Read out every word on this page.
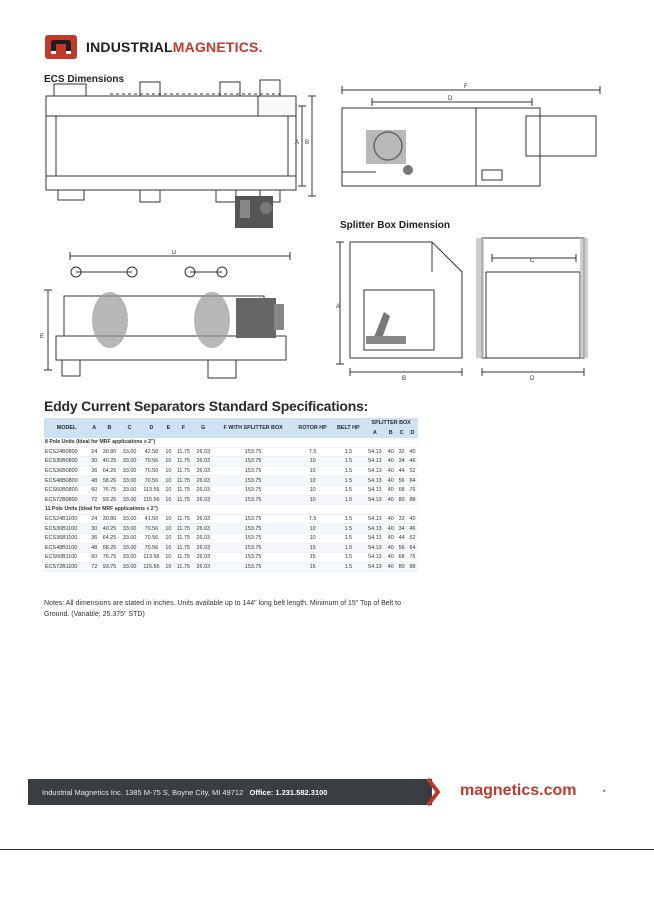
INDUSTRIALMAGNETICS.
ECS Dimensions
A B
F
D
D
E
Splitter Box Dimension
A
B
C
D
Eddy Current Separators Standard Specifications:
MODEL	A	B	C	D	E	F	G	F WITH SPLITTER BOX	ROTOR HP	BELT HP	SPLITTER BOX			
											A	B	C	D
8 Pole Units (Ideal for MRF applications ≥ 2")														
ECS24B0800	24	30.80	33.00	42.50	10	11.75	26.03	153.75	7.5	1.5	54.13	40	32	40
ECS30B0800	30	40.25	33.00	70.56	10	11.75	26.03	153.75	10	1.5	54.13	40	34	46
ECS36B0800	36	64.26	33.00	70.56	10	11.75	26.03	153.75	10	1.5	54.13	40	44	52
ECS48B0800	48	58.26	33.00	70.56	10	11.75	26.03	153.75	10	1.5	54.13	40	56	64
ECS60B0800	60	76.75	33.00	113.56	10	11.75	26.03	153.75	10	1.5	54.13	40	68	76
ECS72B0800	72	93.25	33.00	115.56	10	11.75	26.03	153.75	10	1.5	54.13	40	80	88
11 Pole Units (Ideal for MRF applications ≤ 2")														
ECS24B1100	24	30.80	33.00	41.56	10	11.75	26.03	153.75	7.5	1.5	54.13	40	32	40
ECS30B1100	30	40.25	33.00	70.56	10	11.75	26.03	153.75	10	1.5	54.13	40	34	46
ECS36B1100	36	64.25	33.00	70.56	10	11.75	26.03	153.75	10	1.5	54.13	40	44	52
ECS48B1100	48	58.25	33.00	70.56	10	11.75	26.03	153.75	15	1.5	54.13	40	56	64
ECS60B1100	60	76.75	33.00	113.56	10	11.75	26.03	153.75	15	1.5	54.13	40	68	76
ECS72B1100	72	93.75	33.00	115.56	10	11.75	26.03	153.75	15	1.5	54.13	40	80	88
Notes: All dimensions are stated in inches. Units available up to 144" long belt length. Minimum of 15" Top of Belt to Ground. (Variable; 25.375" STD)
Industrial Magnetics Inc. 1385 M-75 S, Boyne City, MI 49712 Office: 1.231.582.3100	magnetics.com	▪
